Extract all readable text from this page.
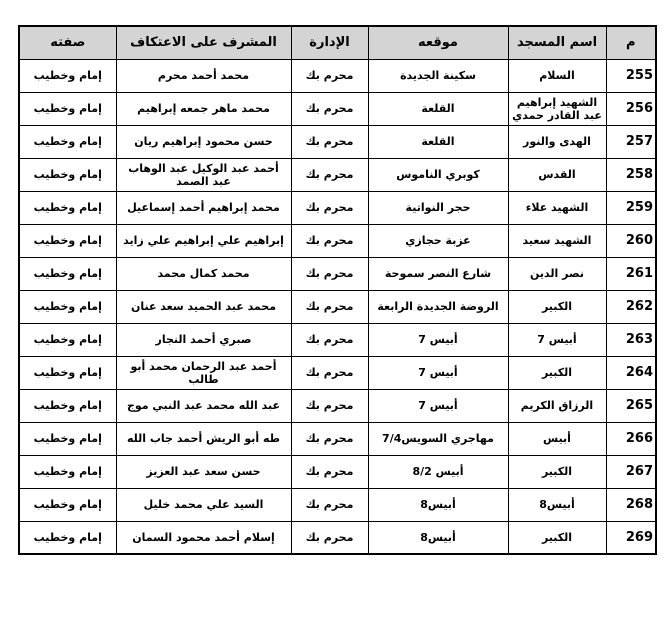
م	اسم المسجد	موقعه	الإدارة	المشرف على الاعتكاف	صفته
255	السلام	سكينة الجديدة	محرم بك	محمد أحمد محرم	إمام وخطيب
256	الشهيد إبراهيم عبد القادر حمدي	القلعة	محرم بك	محمد ماهر جمعه إبراهيم	إمام وخطيب
257	الهدى والنور	القلعة	محرم بك	حسن محمود إبراهيم ريان	إمام وخطيب
258	القدس	كوبري الناموس	محرم بك	أحمد عبد الوكيل عبد الوهاب عبد الصمد	إمام وخطيب
259	الشهيد علاء	حجر النواتية	محرم بك	محمد إبراهيم أحمد إسماعيل	إمام وخطيب
260	الشهيد سعيد	عزبة حجازي	محرم بك	إبراهيم علي إبراهيم علي زايد	إمام وخطيب
261	نصر الدين	شارع النصر سموحة	محرم بك	محمد كمال محمد	إمام وخطيب
262	الكبير	الروضة الجديدة الرابعة	محرم بك	محمد عبد الحميد سعد عنان	إمام وخطيب
263	أبيس 7	أبيس 7	محرم بك	صبري أحمد النجار	إمام وخطيب
264	الكبير	أبيس 7	محرم بك	أحمد عبد الرحمان محمد أبو طالب	إمام وخطيب
265	الرزاق الكريم	أبيس 7	محرم بك	عبد الله محمد عبد النبي موج	إمام وخطيب
266	أبيس	مهاجري السويس7/4	محرم بك	طه أبو الريش أحمد جاب الله	إمام وخطيب
267	الكبير	أبيس 8/2	محرم بك	حسن سعد عبد العزيز	إمام وخطيب
268	أبيس8	أبيس8	محرم بك	السيد علي محمد خليل	إمام وخطيب
269	الكبير	أبيس8	محرم بك	إسلام أحمد محمود السمان	إمام وخطيب
